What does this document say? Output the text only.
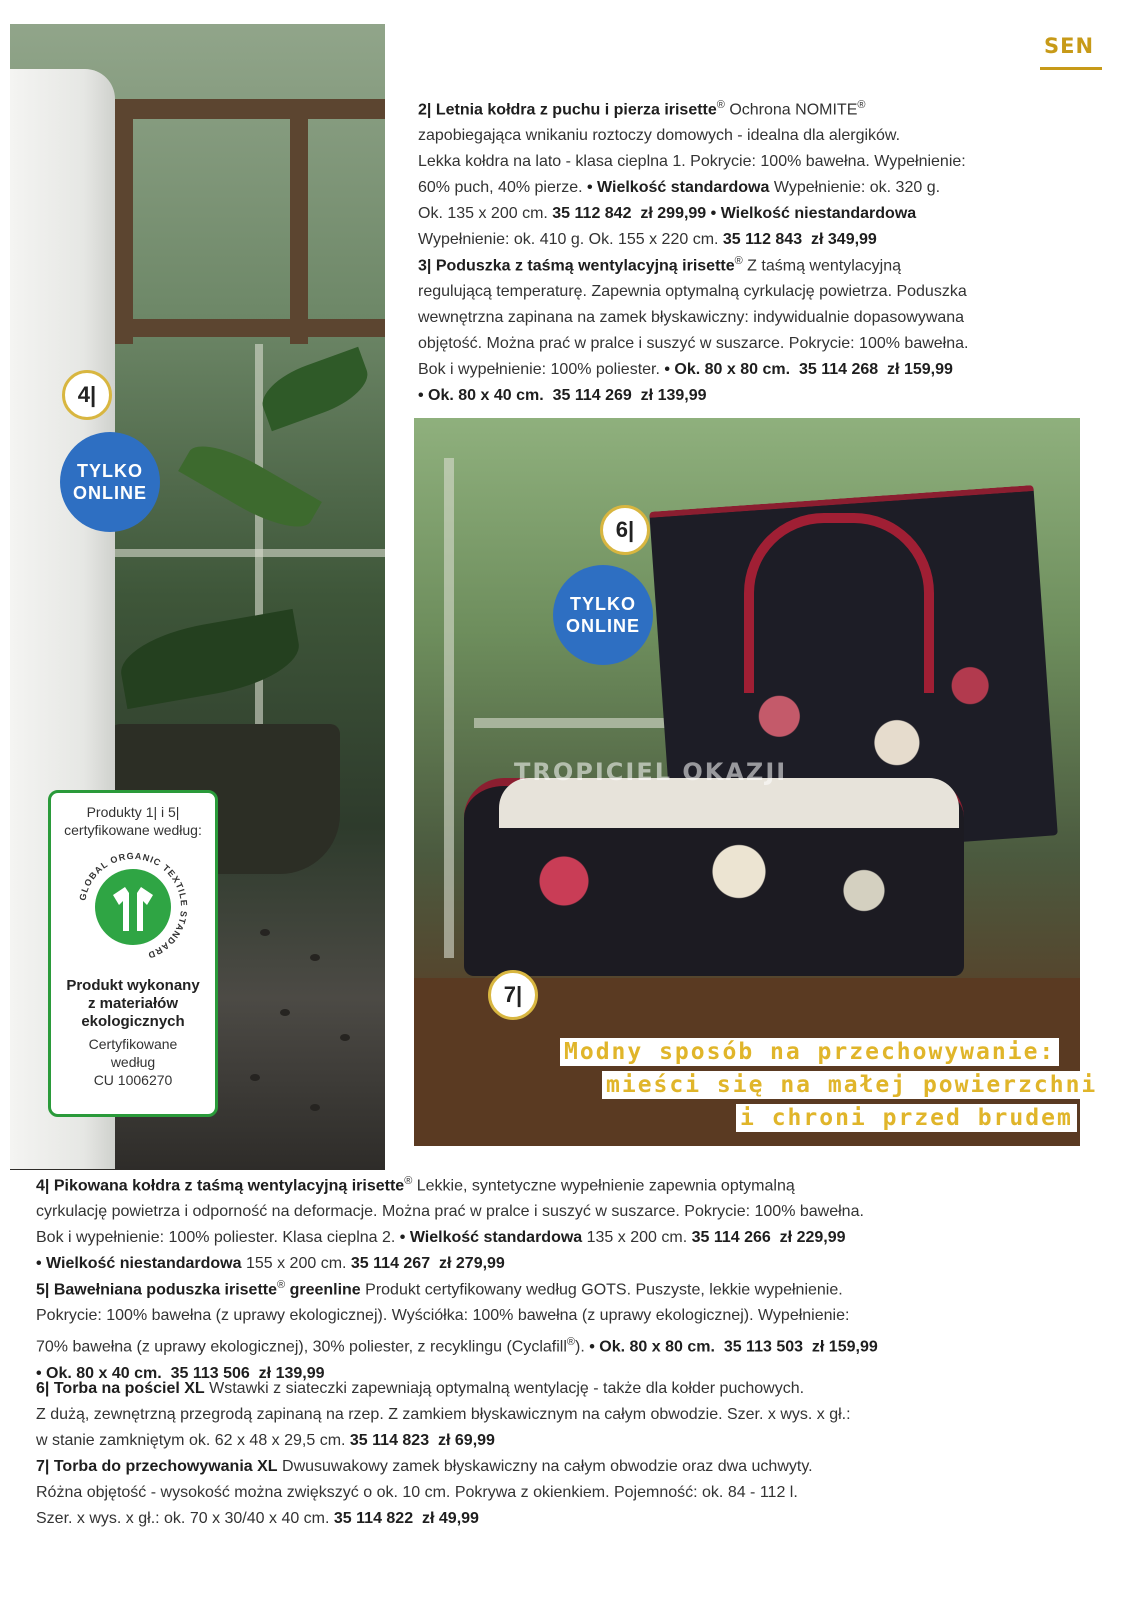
SEN
2| Letnia kołdra z puchu i pierza irisette® Ochrona NOMITE®
zapobiegająca wnikaniu roztoczy domowych - idealna dla alergików.
Lekka kołdra na lato - klasa cieplna 1. Pokrycie: 100% bawełna. Wypełnienie:
60% puch, 40% pierze. • Wielkość standardowa Wypełnienie: ok. 320 g.
Ok. 135 x 200 cm. 35 112 842 zł 299,99 • Wielkość niestandardowa
Wypełnienie: ok. 410 g. Ok. 155 x 220 cm. 35 112 843 zł 349,99
3| Poduszka z taśmą wentylacyjną irisette® Z taśmą wentylacyjną
regulującą temperaturę. Zapewnia optymalną cyrkulację powietrza. Poduszka
wewnętrzna zapinana na zamek błyskawiczny: indywidualnie dopasowywana
objętość. Można prać w pralce i suszyć w suszarce. Pokrycie: 100% bawełna.
Bok i wypełnienie: 100% poliester. • Ok. 80 x 80 cm. 35 114 268 zł 159,99
• Ok. 80 x 40 cm. 35 114 269 zł 139,99
4|
TYLKO
ONLINE
Produkty 1| i 5|
certyfikowane według:
GLOBAL ORGANIC TEXTILE STANDARD
Produkt wykonany
z materiałów
ekologicznych
Certyfikowane
według
CU 1006270
TROPICIEL OKAZJI
6|
TYLKO
ONLINE
7|
Modny sposób na przechowywanie:
mieści się na małej powierzchni
i chroni przed brudem
4| Pikowana kołdra z taśmą wentylacyjną irisette® Lekkie, syntetyczne wypełnienie zapewnia optymalną
cyrkulację powietrza i odporność na deformacje. Można prać w pralce i suszyć w suszarce. Pokrycie: 100% bawełna.
Bok i wypełnienie: 100% poliester. Klasa cieplna 2. • Wielkość standardowa 135 x 200 cm. 35 114 266 zł 229,99
• Wielkość niestandardowa 155 x 200 cm. 35 114 267 zł 279,99
5| Bawełniana poduszka irisette® greenline Produkt certyfikowany według GOTS. Puszyste, lekkie wypełnienie.
Pokrycie: 100% bawełna (z uprawy ekologicznej). Wyściółka: 100% bawełna (z uprawy ekologicznej). Wypełnienie:
70% bawełna (z uprawy ekologicznej), 30% poliester, z recyklingu (Cyclafill®). • Ok. 80 x 80 cm. 35 113 503 zł 159,99
• Ok. 80 x 40 cm. 35 113 506 zł 139,99
6| Torba na pościel XL Wstawki z siateczki zapewniają optymalną wentylację - także dla kołder puchowych.
Z dużą, zewnętrzną przegrodą zapinaną na rzep. Z zamkiem błyskawicznym na całym obwodzie. Szer. x wys. x gł.:
w stanie zamkniętym ok. 62 x 48 x 29,5 cm. 35 114 823 zł 69,99
7| Torba do przechowywania XL Dwusuwakowy zamek błyskawiczny na całym obwodzie oraz dwa uchwyty.
Różna objętość - wysokość można zwiększyć o ok. 10 cm. Pokrywa z okienkiem. Pojemność: ok. 84 - 112 l.
Szer. x wys. x gł.: ok. 70 x 30/40 x 40 cm. 35 114 822 zł 49,99
